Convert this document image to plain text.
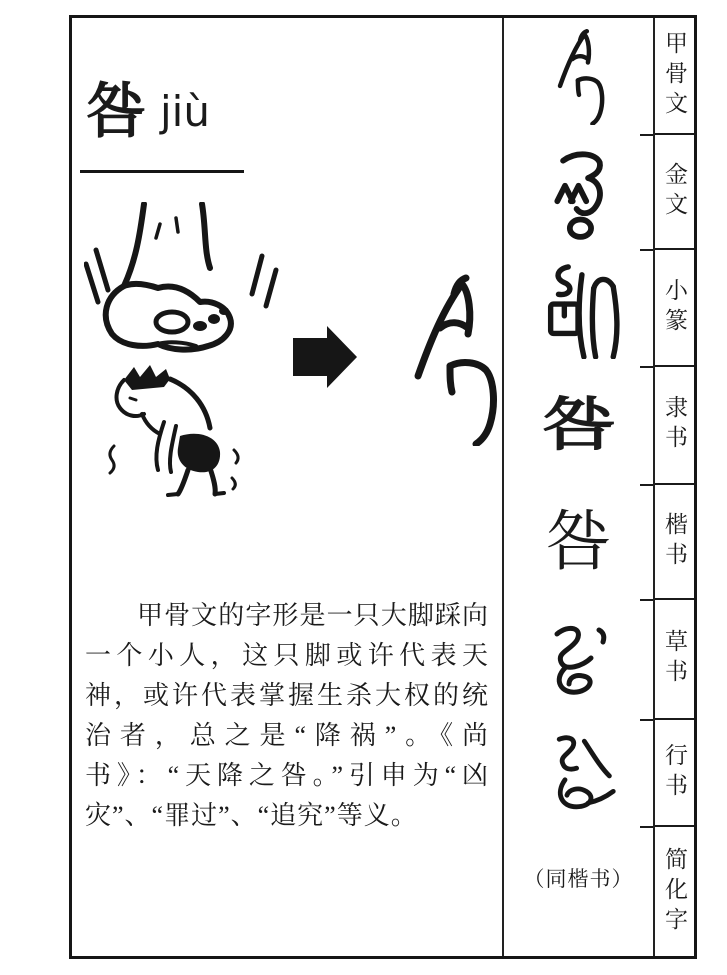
咎 jiù

甲骨文的字形是一只大脚踩向一个小人，这只脚或许代表天神，或许代表掌握生杀大权的统治者，总之是“降祸”。《尚书》：“天降之咎。”引申为“凶灾”、“罪过”、“追究”等义。

咎
咎
（同楷书）
甲骨文
金文
小篆
隶书
楷书
草书
行书
简化字
